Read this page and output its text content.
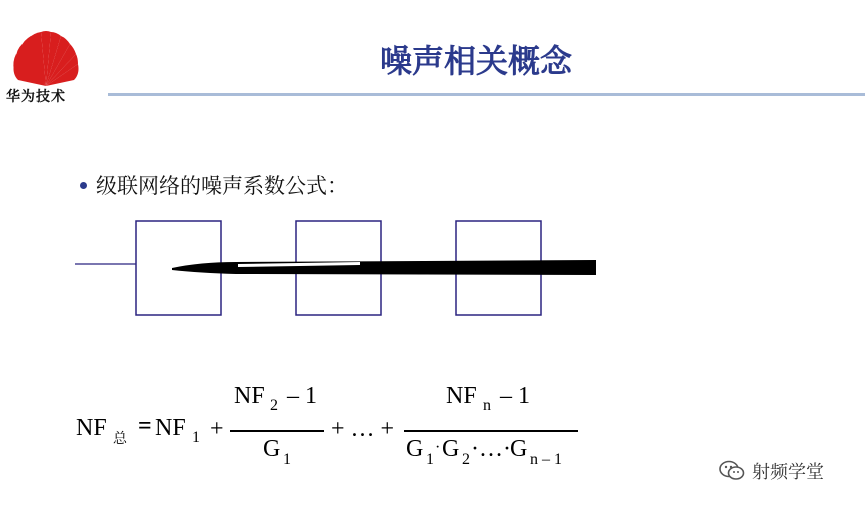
华为技术
噪声相关概念
级联网络的噪声系数公式：
NF 总 = NF 1 +
NF 2 – 1
G 1
+ … +
NF n – 1
G 1
· G 2 ·…· G n – 1
射频学堂
